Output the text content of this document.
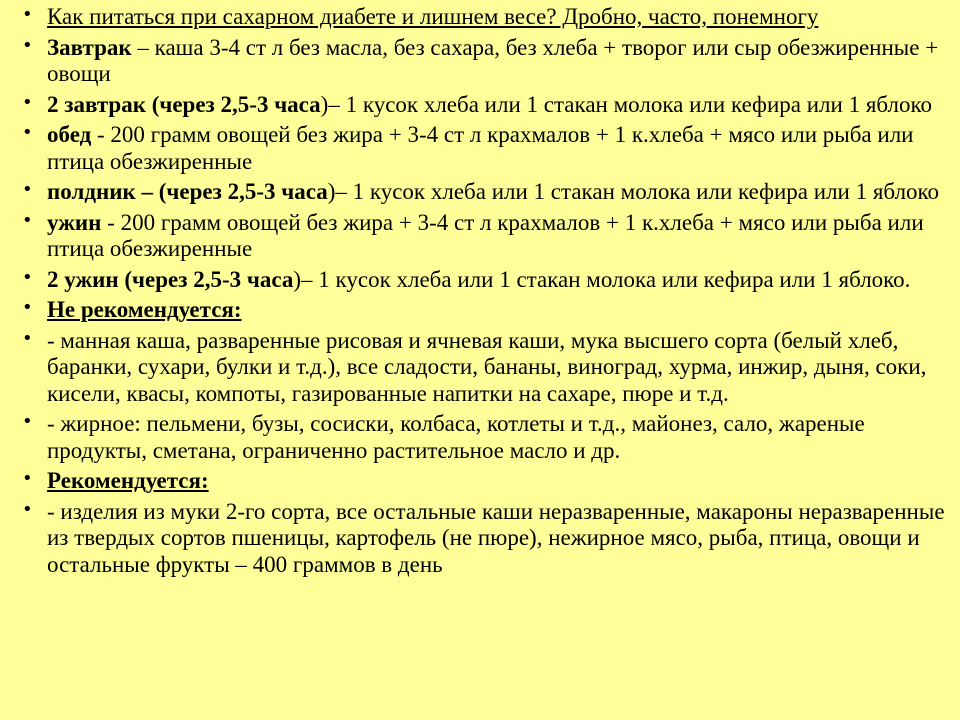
• Как питаться при сахарном диабете и лишнем весе? Дробно, часто, понемногу
• Завтрак – каша 3-4 ст л без масла, без сахара, без хлеба + творог или сыр обезжиренные + овощи
• 2 завтрак (через 2,5-3 часа)– 1 кусок хлеба или 1 стакан молока или кефира или 1 яблоко
• обед - 200 грамм овощей без жира + 3-4 ст л крахмалов + 1 к.хлеба + мясо или рыба или птица обезжиренные
• полдник – (через 2,5-3 часа)– 1 кусок хлеба или 1 стакан молока или кефира или 1 яблоко
• ужин - 200 грамм овощей без жира + 3-4 ст л крахмалов + 1 к.хлеба + мясо или рыба или птица обезжиренные
• 2 ужин (через 2,5-3 часа)– 1 кусок хлеба или 1 стакан молока или кефира или 1 яблоко.
• Не рекомендуется:
• - манная каша, разваренные рисовая и ячневая каши, мука высшего сорта (белый хлеб, баранки, сухари, булки и т.д.), все сладости, бананы, виноград, хурма, инжир, дыня, соки, кисели, квасы, компоты, газированные напитки на сахаре, пюре и т.д.
• - жирное: пельмени, бузы, сосиски, колбаса, котлеты и т.д., майонез, сало, жареные продукты, сметана, ограниченно растительное масло и др.
• Рекомендуется:
• - изделия из муки 2-го сорта, все остальные каши неразваренные, макароны неразваренные из твердых сортов пшеницы, картофель (не пюре), нежирное мясо, рыба, птица, овощи и остальные фрукты – 400 граммов в день
